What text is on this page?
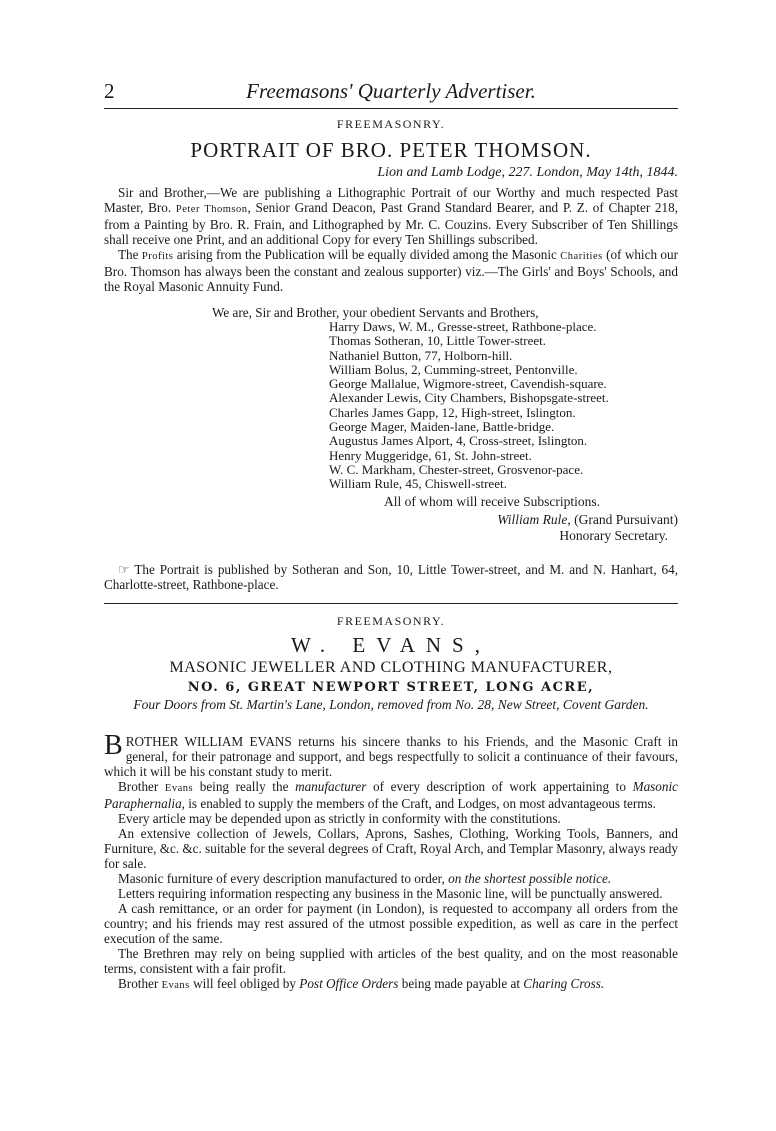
2	Freemasons' Quarterly Advertiser.
FREEMASONRY.
PORTRAIT OF BRO. PETER THOMSON.
Lion and Lamb Lodge, 227. London, May 14th, 1844.

Sir and Brother,—We are publishing a Lithographic Portrait of our Worthy and much respected Past Master, Bro. Peter Thomson, Senior Grand Deacon, Past Grand Standard Bearer, and P. Z. of Chapter 218, from a Painting by Bro. R. Frain, and Lithographed by Mr. C. Couzins. Every Subscriber of Ten Shillings shall receive one Print, and an additional Copy for every Ten Shillings subscribed.

The Profits arising from the Publication will be equally divided among the Masonic Charities (of which our Bro. Thomson has always been the constant and zealous supporter) viz.—The Girls' and Boys' Schools, and the Royal Masonic Annuity Fund.

We are, Sir and Brother, your obedient Servants and Brothers,
Harry Daws, W. M., Gresse-street, Rathbone-place.
Thomas Sotheran, 10, Little Tower-street.
Nathaniel Button, 77, Holborn-hill.
William Bolus, 2, Cumming-street, Pentonville.
George Mallalue, Wigmore-street, Cavendish-square.
Alexander Lewis, City Chambers, Bishopsgate-street.
Charles James Gapp, 12, High-street, Islington.
George Mager, Maiden-lane, Battle-bridge.
Augustus James Alport, 4, Cross-street, Islington.
Henry Muggeridge, 61, St. John-street.
W. C. Markham, Chester-street, Grosvenor-pace.
William Rule, 45, Chiswell-street.
All of whom will receive Subscriptions.
William Rule, (Grand Pursuivant)
Honorary Secretary.

☞ The Portrait is published by Sotheran and Son, 10, Little Tower-street, and M. and N. Hanhart, 64, Charlotte-street, Rathbone-place.

FREEMASONRY.
W. EVANS,
MASONIC JEWELLER AND CLOTHING MANUFACTURER,
NO. 6, GREAT NEWPORT STREET, LONG ACRE,
Four Doors from St. Martin's Lane, London, removed from No. 28, New Street, Covent Garden.

BROTHER WILLIAM EVANS returns his sincere thanks to his Friends, and the Masonic Craft in general, for their patronage and support, and begs respectfully to solicit a continuance of their favours, which it will be his constant study to merit.

Brother Evans being really the manufacturer of every description of work appertaining to Masonic Paraphernalia, is enabled to supply the members of the Craft, and Lodges, on most advantageous terms.

Every article may be depended upon as strictly in conformity with the constitutions.

An extensive collection of Jewels, Collars, Aprons, Sashes, Clothing, Working Tools, Banners, and Furniture, &c. &c. suitable for the several degrees of Craft, Royal Arch, and Templar Masonry, always ready for sale.

Masonic furniture of every description manufactured to order, on the shortest possible notice.

Letters requiring information respecting any business in the Masonic line, will be punctually answered.

A cash remittance, or an order for payment (in London), is requested to accompany all orders from the country; and his friends may rest assured of the utmost possible expedition, as well as care in the perfect execution of the same.

The Brethren may rely on being supplied with articles of the best quality, and on the most reasonable terms, consistent with a fair profit.

Brother Evans will feel obliged by Post Office Orders being made payable at Charing Cross.
